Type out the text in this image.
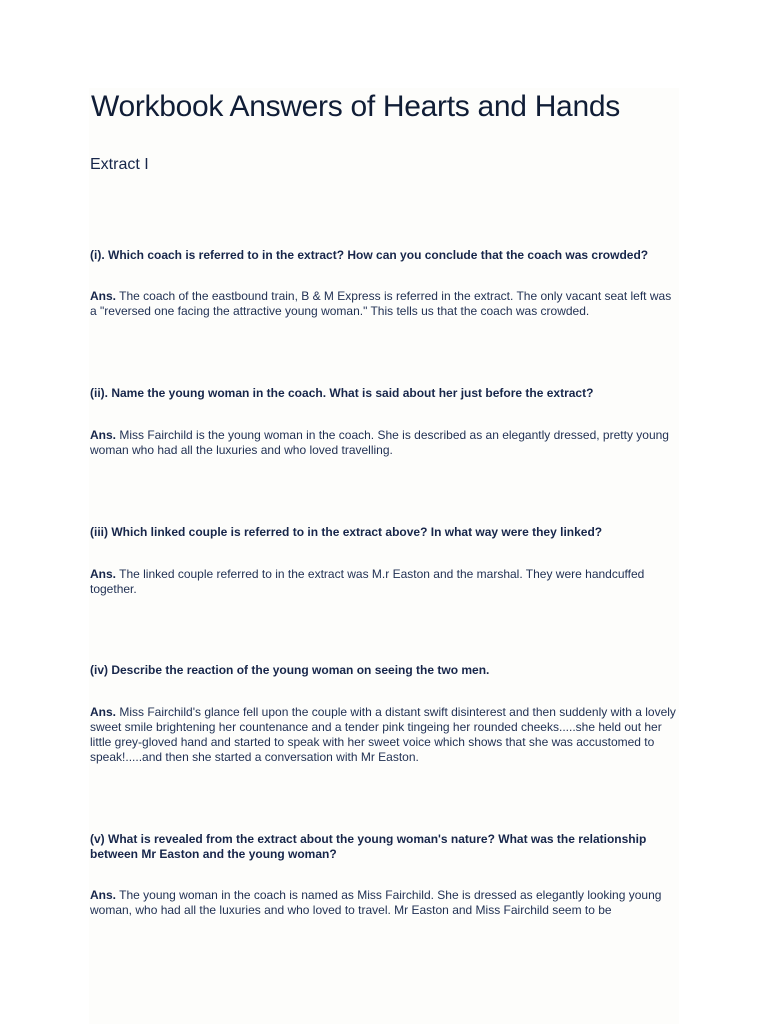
Workbook Answers of Hearts and Hands
Extract I

(i). Which coach is referred to in the extract? How can you conclude that the coach was crowded?

Ans. The coach of the eastbound train, B & M Express is referred in the extract. The only vacant seat left was a "reversed one facing the attractive young woman." This tells us that the coach was crowded.

(ii). Name the young woman in the coach. What is said about her just before the extract?

Ans. Miss Fairchild is the young woman in the coach. She is described as an elegantly dressed, pretty young woman who had all the luxuries and who loved travelling.

(iii) Which linked couple is referred to in the extract above? In what way were they linked?

Ans. The linked couple referred to in the extract was M.r Easton and the marshal. They were handcuffed together.

(iv) Describe the reaction of the young woman on seeing the two men.

Ans. Miss Fairchild's glance fell upon the couple with a distant swift disinterest and then suddenly with a lovely sweet smile brightening her countenance and a tender pink tingeing her rounded cheeks.....she held out her little grey-gloved hand and started to speak with her sweet voice which shows that she was accustomed to speak!.....and then she started a conversation with Mr Easton.

(v) What is revealed from the extract about the young woman's nature? What was the relationship between Mr Easton and the young woman?

Ans. The young woman in the coach is named as Miss Fairchild. She is dressed as elegantly looking young woman, who had all the luxuries and who loved to travel. Mr Easton and Miss Fairchild seem to be
